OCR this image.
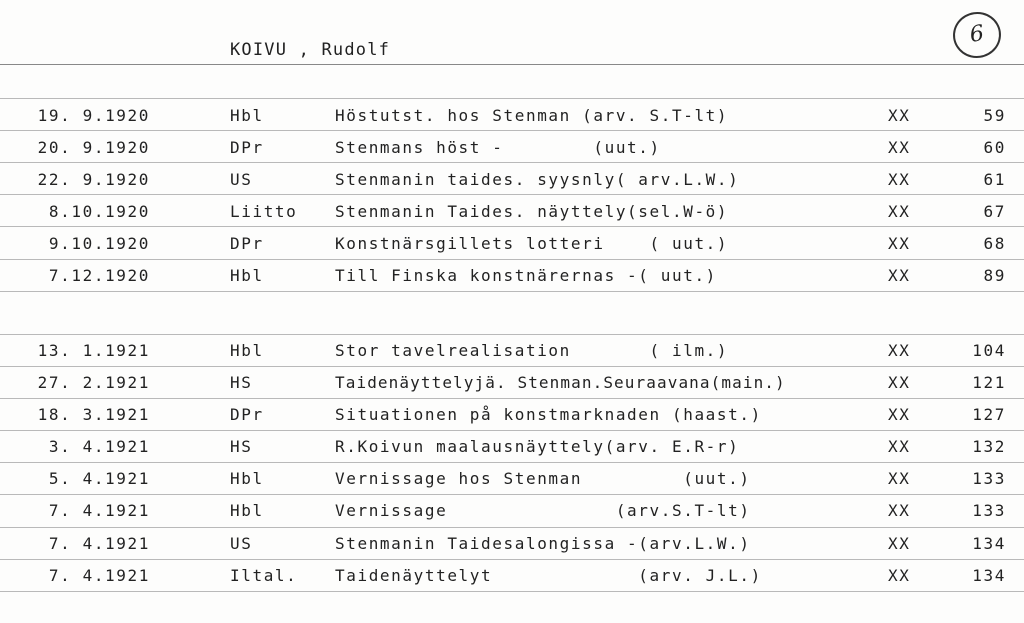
KOIVU , Rudolf
6

19. 9.1920

	Hbl

	Höstutst. hos Stenman (arv. S.T-lt)

	XX

	59

20. 9.1920

	DPr

	Stenmans höst -        (uut.)

	XX

	60

22. 9.1920

	US

	Stenmanin taides. syysnly( arv.L.W.)

	XX

	61

8.10.1920

	Liitto

Stenmanin Taides. näyttely(sel.W-ö)

	XX

	67

9.10.1920

	DPr

	Konstnärsgillets lotteri    ( uut.)

	XX

	68

7.12.1920

	Hbl

	Till Finska konstnärernas -( uut.)

	XX

	89

13. 1.1921

	Hbl

	Stor tavelrealisation       ( ilm.)

	XX

	104

27. 2.1921

	HS

	Taidenäyttelyjä. Stenman.Seuraavana(main.)

	XX

	121

18. 3.1921

	DPr

	Situationen på konstmarknaden (haast.)

	XX

	127

3. 4.1921

	HS

	R.Koivun maalausnäyttely(arv. E.R-r)

	XX

	132

5. 4.1921

	Hbl

	Vernissage hos Stenman         (uut.)

	XX

	133

7. 4.1921

	Hbl

	Vernissage               (arv.S.T-lt)

	XX

	133

7. 4.1921

	US

	Stenmanin Taidesalongissa -(arv.L.W.)

	XX

	134

7. 4.1921

	Iltal.

Taidenäyttelyt             (arv. J.L.)

	XX

	134
